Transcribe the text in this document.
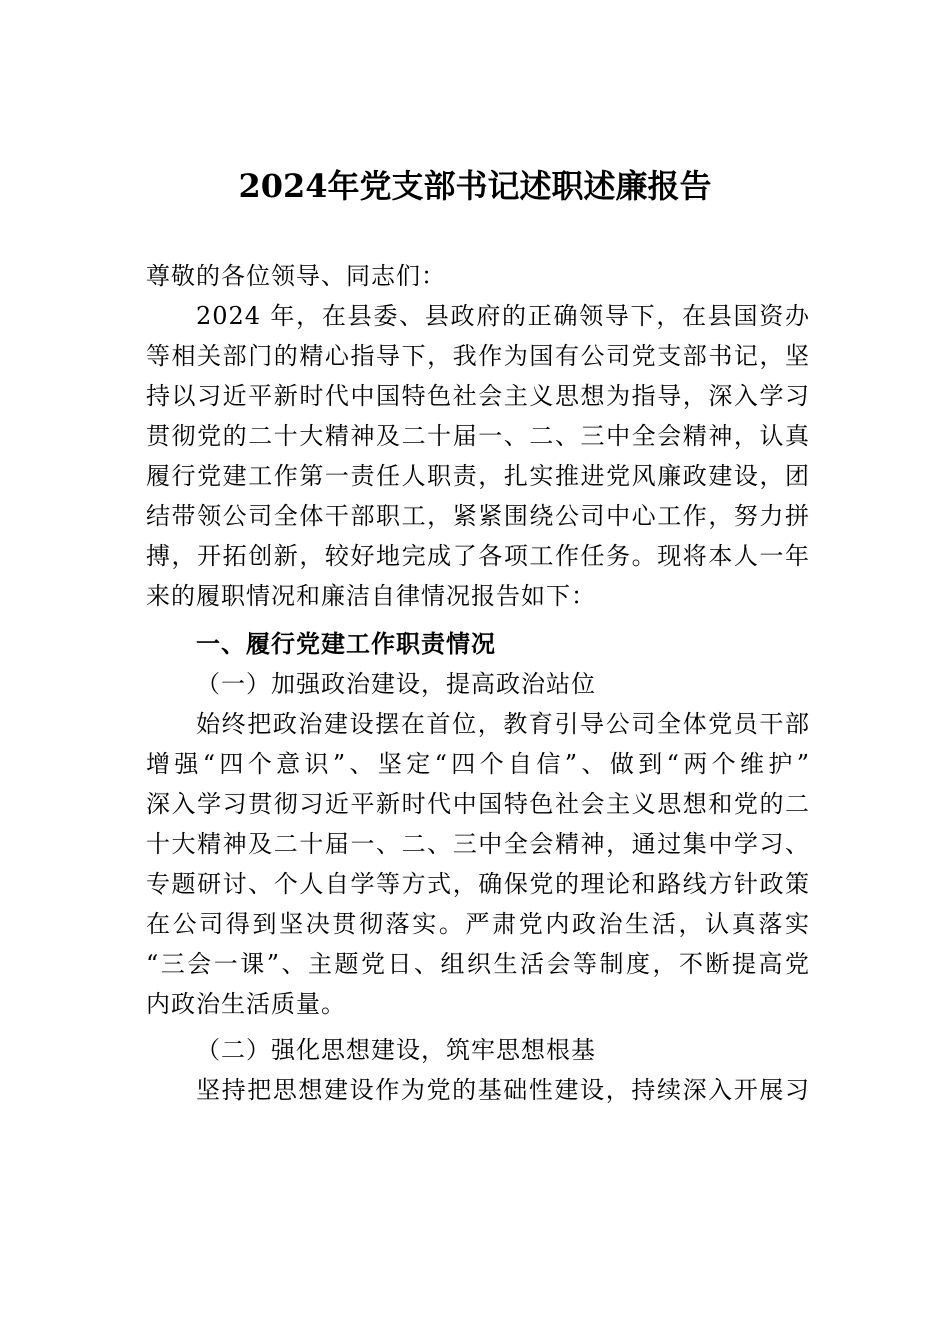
2024年党支部书记述职述廉报告
尊敬的各位领导、同志们：
2024 年，在县委、县政府的正确领导下，在县国资办
等相关部门的精心指导下，我作为国有公司党支部书记，坚
持以习近平新时代中国特色社会主义思想为指导，深入学习
贯彻党的二十大精神及二十届一、二、三中全会精神，认真
履行党建工作第一责任人职责，扎实推进党风廉政建设，团
结带领公司全体干部职工，紧紧围绕公司中心工作，努力拼
搏，开拓创新，较好地完成了各项工作任务。现将本人一年
来的履职情况和廉洁自律情况报告如下：
一、履行党建工作职责情况
（一）加强政治建设，提高政治站位
始终把政治建设摆在首位，教育引导公司全体党员干部
增强“四个意识”、坚定“四个自信”、做到“两个维护”
深入学习贯彻习近平新时代中国特色社会主义思想和党的二
十大精神及二十届一、二、三中全会精神，通过集中学习、
专题研讨、个人自学等方式，确保党的理论和路线方针政策
在公司得到坚决贯彻落实。严肃党内政治生活，认真落实
“三会一课”、主题党日、组织生活会等制度，不断提高党
内政治生活质量。
（二）强化思想建设，筑牢思想根基
坚持把思想建设作为党的基础性建设，持续深入开展习
